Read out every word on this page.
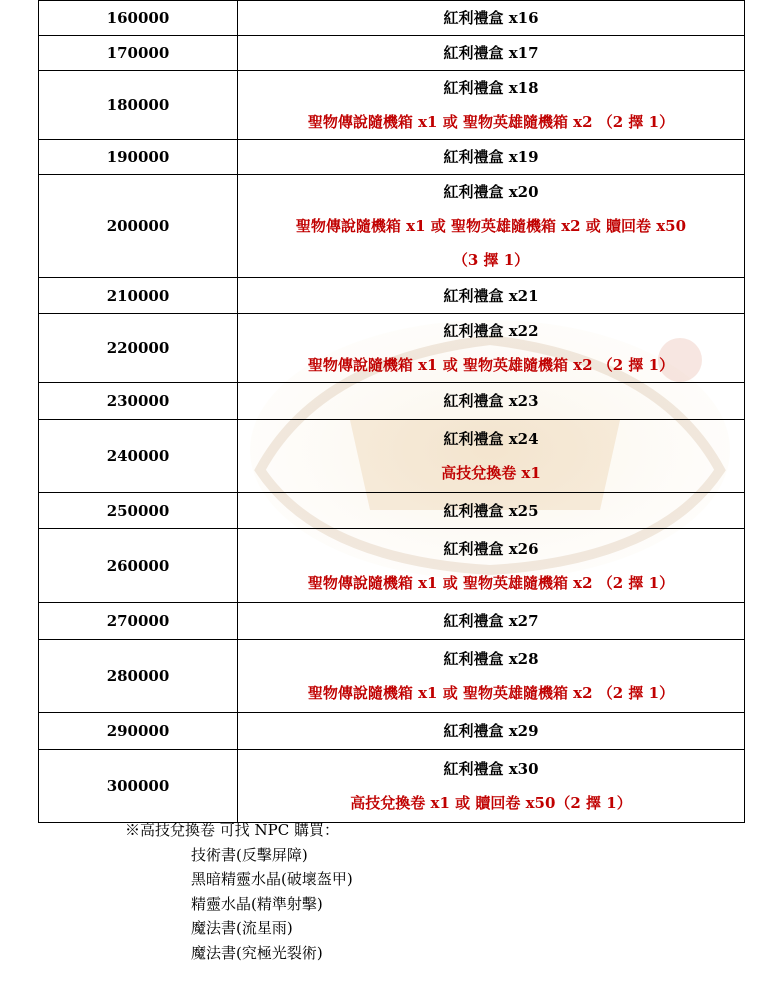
160000	紅利禮盒 x16

170000	紅利禮盒 x17

180000	紅利禮盒 x18
聖物傳說隨機箱 x1 或 聖物英雄隨機箱 x2 （2 擇 1）

190000	紅利禮盒 x19

200000	紅利禮盒 x20
聖物傳說隨機箱 x1 或 聖物英雄隨機箱 x2 或 贖回卷 x50
（3 擇 1）

210000	紅利禮盒 x21

220000	紅利禮盒 x22
聖物傳說隨機箱 x1 或 聖物英雄隨機箱 x2 （2 擇 1）

230000	紅利禮盒 x23

240000	紅利禮盒 x24
高技兌換卷 x1

250000	紅利禮盒 x25

260000	紅利禮盒 x26
聖物傳說隨機箱 x1 或 聖物英雄隨機箱 x2 （2 擇 1）

270000	紅利禮盒 x27

280000	紅利禮盒 x28
聖物傳說隨機箱 x1 或 聖物英雄隨機箱 x2 （2 擇 1）

290000	紅利禮盒 x29

300000	紅利禮盒 x30
高技兌換卷 x1 或 贖回卷 x50（2 擇 1）
※高技兌換卷 可找 NPC 購買：
技術書(反擊屏障)
黑暗精靈水晶(破壞盔甲)
精靈水晶(精準射擊)
魔法書(流星雨)
魔法書(究極光裂術)
